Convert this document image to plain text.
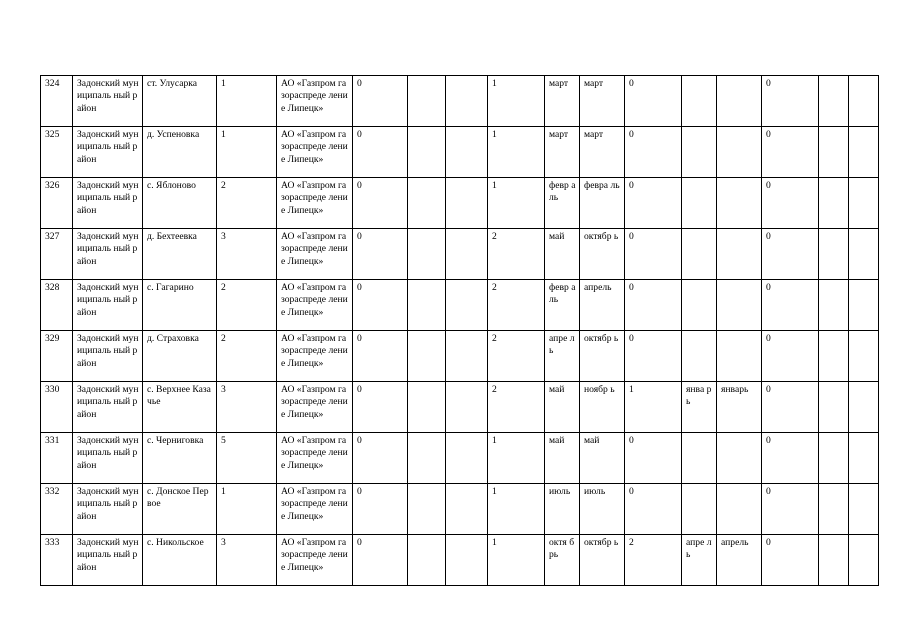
324	Задонский муниципаль ный район	ст. Улусарка	1	АО «Газпром газораспреде ление Липецк»	0			1	март	март	0			0		
325	Задонский муниципаль ный район	д. Успеновка	1	АО «Газпром газораспреде ление Липецк»	0			1	март	март	0			0		
326	Задонский муниципаль ный район	с. Яблоново	2	АО «Газпром газораспреде ление Липецк»	0			1	февр аль	февра ль	0			0		
327	Задонский муниципаль ный район	д. Бехтеевка	3	АО «Газпром газораспреде ление Липецк»	0			2	май	октябр ь	0			0		
328	Задонский муниципаль ный район	с. Гагарино	2	АО «Газпром газораспреде ление Липецк»	0			2	февр аль	апрель	0			0		
329	Задонский муниципаль ный район	д. Страховка	2	АО «Газпром газораспреде ление Липецк»	0			2	апре ль	октябр ь	0			0		
330	Задонский муниципаль ный район	с. Верхнее Казачье	3	АО «Газпром газораспреде ление Липецк»	0			2	май	ноябр ь	1	янва рь	январь	0		
331	Задонский муниципаль ный район	с. Черниговка	5	АО «Газпром газораспреде ление Липецк»	0			1	май	май	0			0		
332	Задонский муниципаль ный район	с. Донское Первое	1	АО «Газпром газораспреде ление Липецк»	0			1	июль	июль	0			0		
333	Задонский муниципаль ный район	с. Никольское	3	АО «Газпром газораспреде ление Липецк»	0			1	октя брь	октябр ь	2	апре ль	апрель	0		
